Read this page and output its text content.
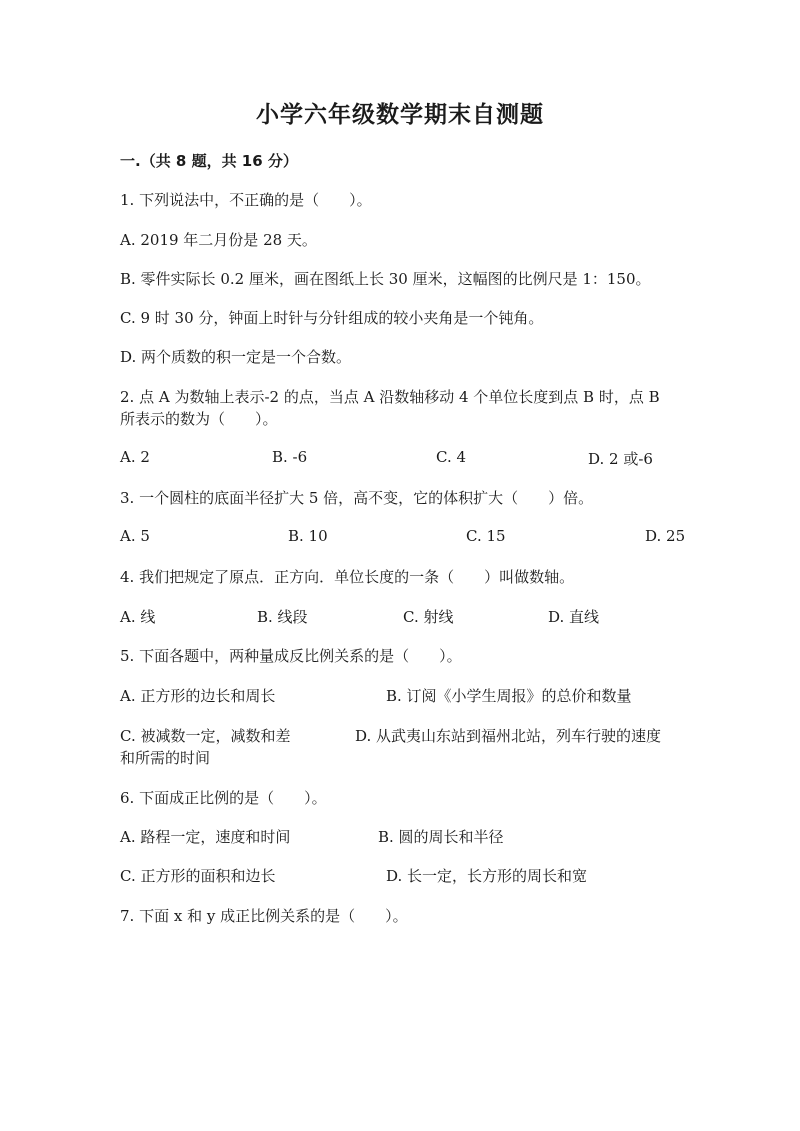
小学六年级数学期末自测题
一.（共 8 题，共 16 分）
1. 下列说法中，不正确的是（　　）。
A. 2019 年二月份是 28 天。
B. 零件实际长 0.2 厘米，画在图纸上长 30 厘米，这幅图的比例尺是 1：150。
C. 9 时 30 分，钟面上时针与分针组成的较小夹角是一个钝角。
D. 两个质数的积一定是一个合数。
2. 点 A 为数轴上表示-2 的点，当点 A 沿数轴移动 4 个单位长度到点 B 时，点 B
所表示的数为（　　）。
A. 2	B. -6	C. 4	D. 2 或-6
3. 一个圆柱的底面半径扩大 5 倍，高不变，它的体积扩大（　　）倍。
A. 5	B. 10	C. 15	D. 25
4. 我们把规定了原点．正方向．单位长度的一条（　　）叫做数轴。
A. 线	B. 线段	C. 射线	D. 直线
5. 下面各题中，两种量成反比例关系的是（　　）。
A. 正方形的边长和周长	B. 订阅《小学生周报》的总价和数量
C. 被减数一定，减数和差	D. 从武夷山东站到福州北站，列车行驶的速度
和所需的时间
6. 下面成正比例的是（　　）。
A. 路程一定，速度和时间	B. 圆的周长和半径
C. 正方形的面积和边长	D. 长一定，长方形的周长和宽
7. 下面 x 和 y 成正比例关系的是（　　）。
